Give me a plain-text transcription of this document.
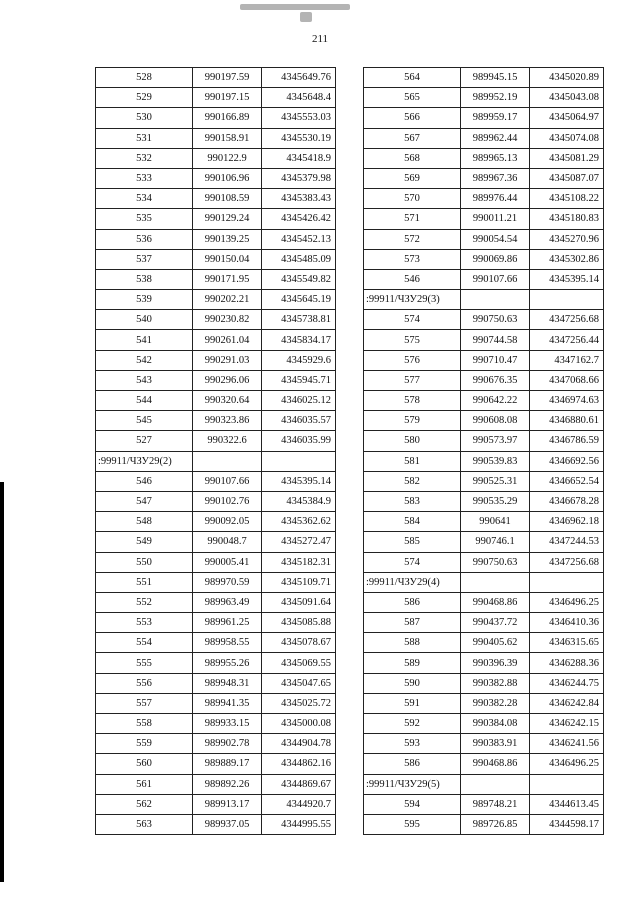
211
528	990197.59	4345649.76
529	990197.15	4345648.4
530	990166.89	4345553.03
531	990158.91	4345530.19
532	990122.9	4345418.9
533	990106.96	4345379.98
534	990108.59	4345383.43
535	990129.24	4345426.42
536	990139.25	4345452.13
537	990150.04	4345485.09
538	990171.95	4345549.82
539	990202.21	4345645.19
540	990230.82	4345738.81
541	990261.04	4345834.17
542	990291.03	4345929.6
543	990296.06	4345945.71
544	990320.64	4346025.12
545	990323.86	4346035.57
527	990322.6	4346035.99
:99911/ЧЗУ29(2)		
546	990107.66	4345395.14
547	990102.76	4345384.9
548	990092.05	4345362.62
549	990048.7	4345272.47
550	990005.41	4345182.31
551	989970.59	4345109.71
552	989963.49	4345091.64
553	989961.25	4345085.88
554	989958.55	4345078.67
555	989955.26	4345069.55
556	989948.31	4345047.65
557	989941.35	4345025.72
558	989933.15	4345000.08
559	989902.78	4344904.78
560	989889.17	4344862.16
561	989892.26	4344869.67
562	989913.17	4344920.7
563	989937.05	4344995.55
564	989945.15	4345020.89
565	989952.19	4345043.08
566	989959.17	4345064.97
567	989962.44	4345074.08
568	989965.13	4345081.29
569	989967.36	4345087.07
570	989976.44	4345108.22
571	990011.21	4345180.83
572	990054.54	4345270.96
573	990069.86	4345302.86
546	990107.66	4345395.14
:99911/ЧЗУ29(3)		
574	990750.63	4347256.68
575	990744.58	4347256.44
576	990710.47	4347162.7
577	990676.35	4347068.66
578	990642.22	4346974.63
579	990608.08	4346880.61
580	990573.97	4346786.59
581	990539.83	4346692.56
582	990525.31	4346652.54
583	990535.29	4346678.28
584	990641	4346962.18
585	990746.1	4347244.53
574	990750.63	4347256.68
:99911/ЧЗУ29(4)		
586	990468.86	4346496.25
587	990437.72	4346410.36
588	990405.62	4346315.65
589	990396.39	4346288.36
590	990382.88	4346244.75
591	990382.28	4346242.84
592	990384.08	4346242.15
593	990383.91	4346241.56
586	990468.86	4346496.25
:99911/ЧЗУ29(5)		
594	989748.21	4344613.45
595	989726.85	4344598.17
